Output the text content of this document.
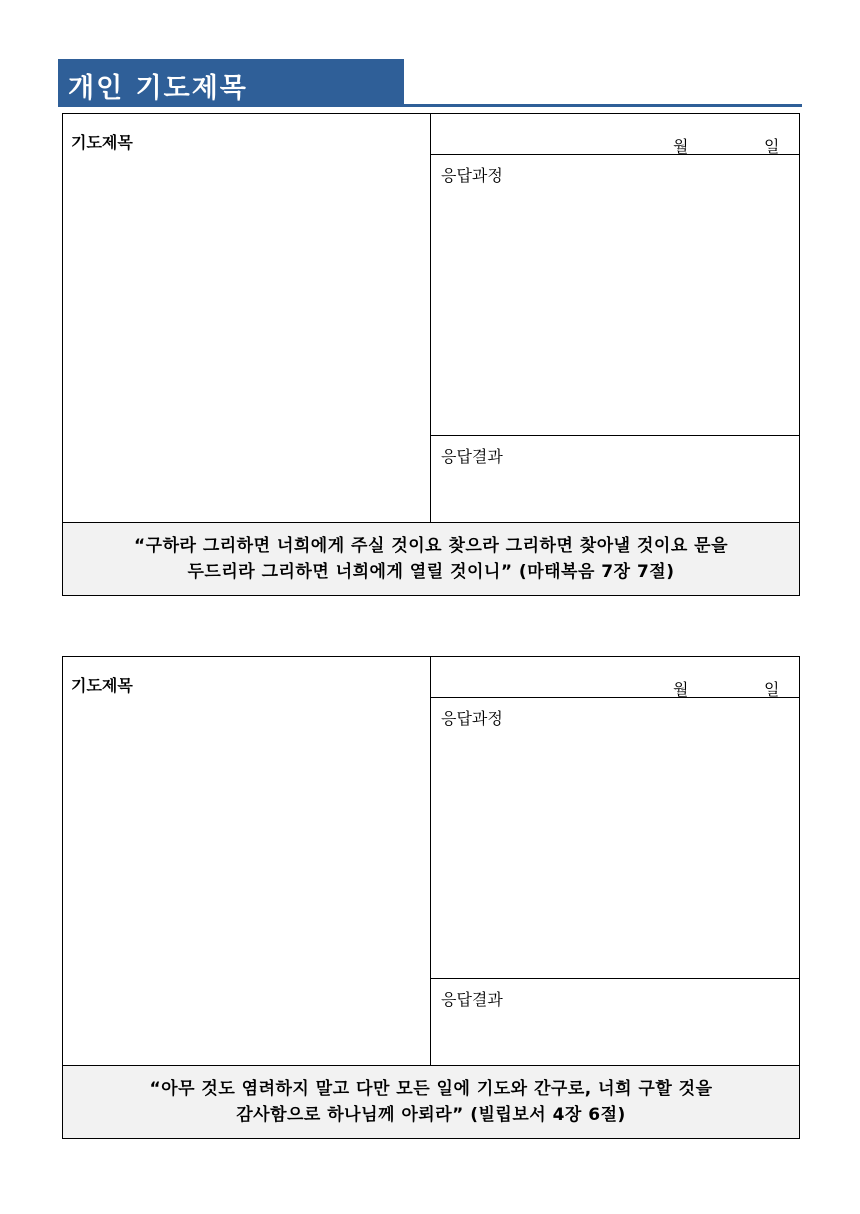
개인 기도제목
기도제목	월	일
응답과정
응답결과
“구하라 그리하면 너희에게 주실 것이요 찾으라 그리하면 찾아낼 것이요 문을
두드리라 그리하면 너희에게 열릴 것이니” (마태복음 7장 7절)
기도제목	월	일
응답과정
응답결과
“아무 것도 염려하지 말고 다만 모든 일에 기도와 간구로, 너희 구할 것을
감사함으로 하나님께 아뢰라” (빌립보서 4장 6절)
